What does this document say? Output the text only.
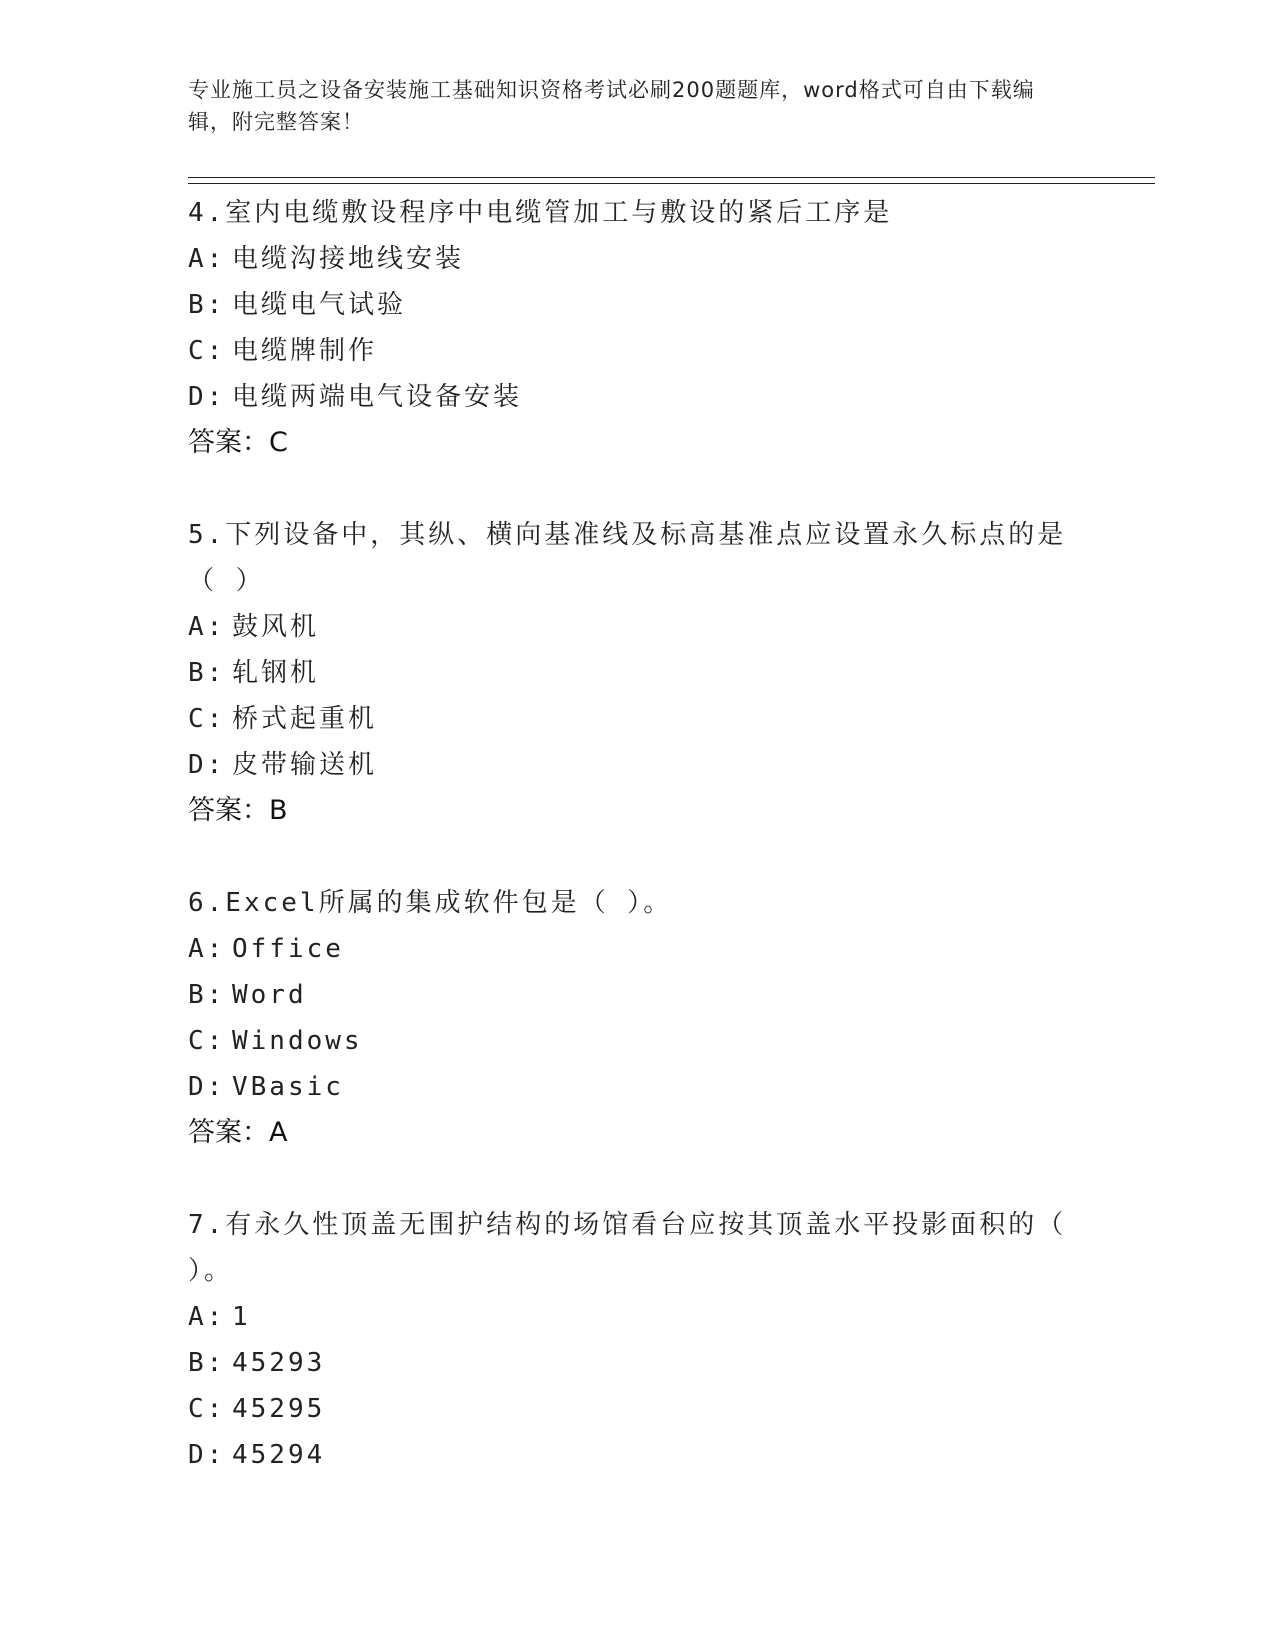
专业施工员之设备安装施工基础知识资格考试必刷200题题库，word格式可自由下载编辑，附完整答案！

4.室内电缆敷设程序中电缆管加工与敷设的紧后工序是

A: 电缆沟接地线安装

B: 电缆电气试验

C: 电缆牌制作

D: 电缆两端电气设备安装

答案：C

5.下列设备中，其纵、横向基准线及标高基准点应设置永久标点的是（ ）

A: 鼓风机

B: 轧钢机

C: 桥式起重机

D: 皮带输送机

答案：B

6.Excel所属的集成软件包是（ ）。

A: Office

B: Word

C: Windows

D: VBasic

答案：A

7.有永久性顶盖无围护结构的场馆看台应按其顶盖水平投影面积的（ ）。

A: 1

B: 45293

C: 45295

D: 45294
